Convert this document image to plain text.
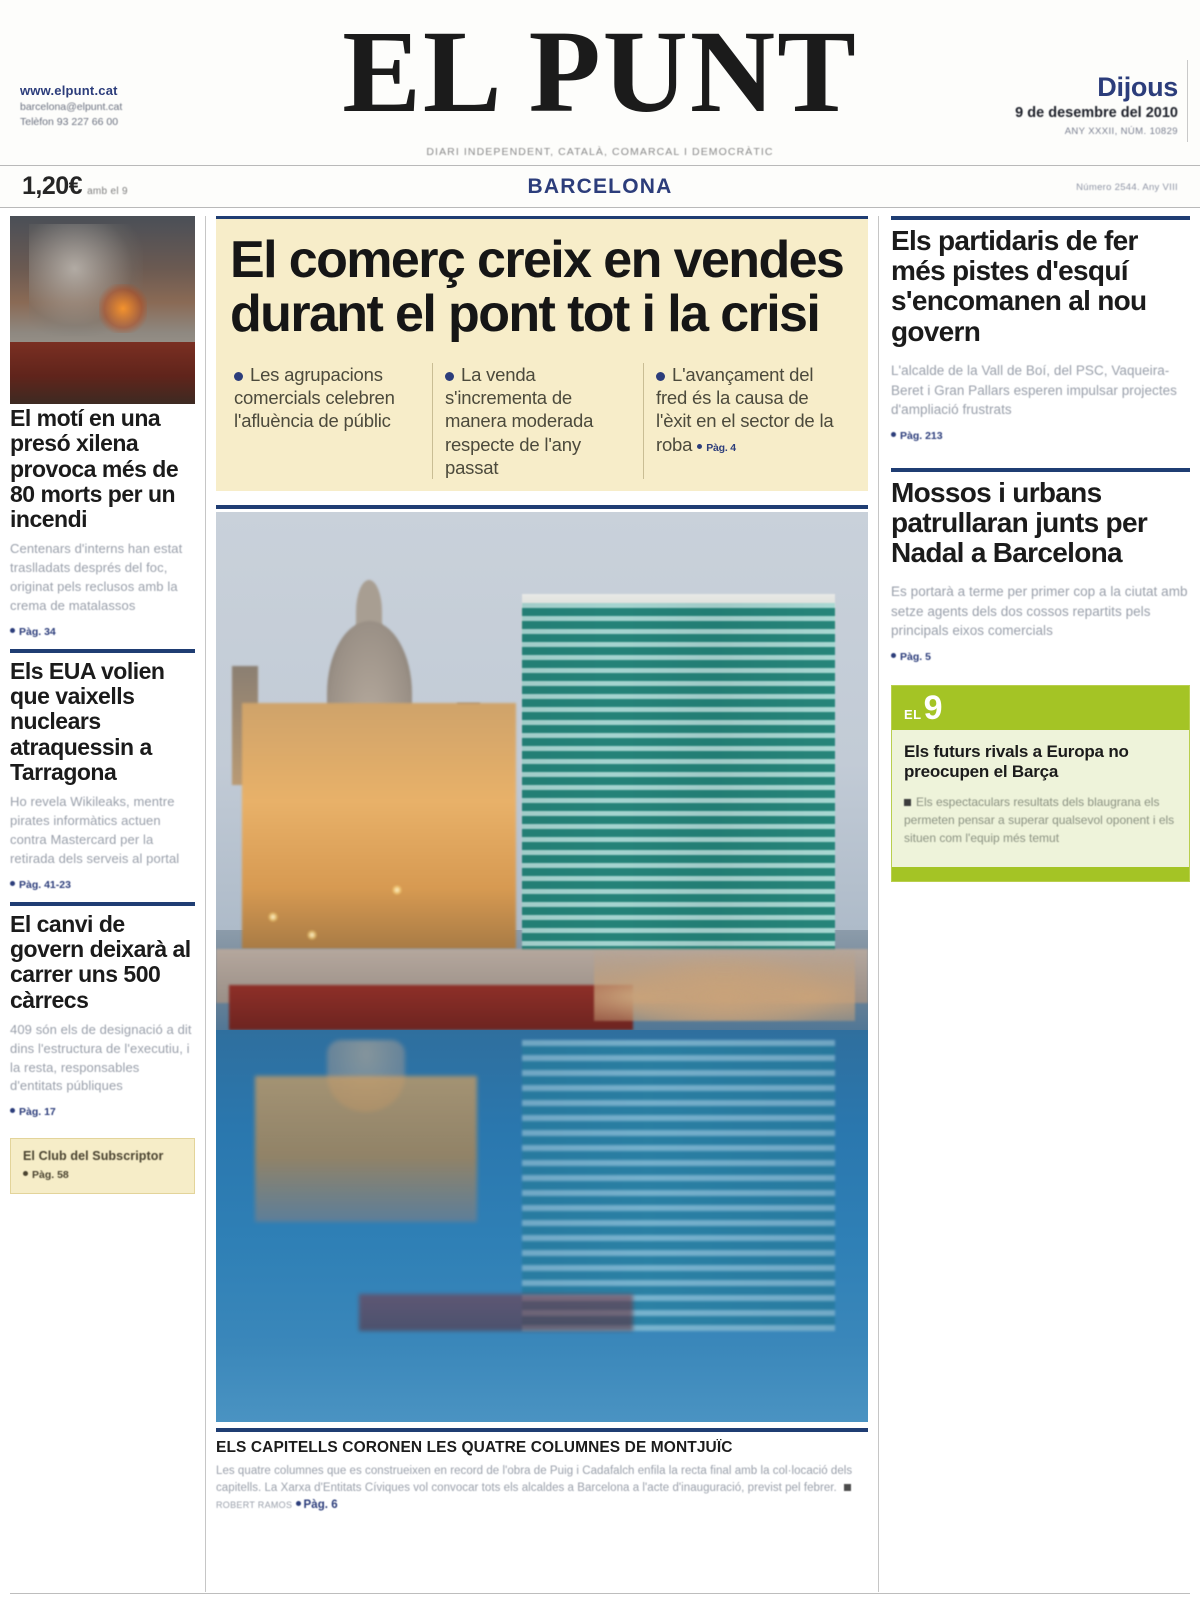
www.elpunt.cat
barcelona@elpunt.cat
Telèfon 93 227 66 00	EL PUNT
DIARI INDEPENDENT, CATALÀ, COMARCAL I DEMOCRÀTIC
Dijous
9 de desembre del 2010
ANY XXXII, NÚM. 10829
1,20€ amb el 9	BARCELONA	Número 2544. Any VIII
El motí en una presó xilena provoca més de 80 morts per un incendi
Centenars d'interns han estat traslladats després del foc, originat pels reclusos amb la crema de matalassos
Pàg. 34
Els EUA volien que vaixells nuclears atraquessin a Tarragona
Ho revela Wikileaks, mentre pirates informàtics actuen contra Mastercard per la retirada dels serveis al portal
Pàg. 41-23
El canvi de govern deixarà al carrer uns 500 càrrecs
409 són els de designació a dit dins l'estructura de l'executiu, i la resta, responsables d'entitats públiques
Pàg. 17
El Club del Subscriptor
Pàg. 58
El comerç creix en vendes durant el pont tot i la crisi
Les agrupacions comercials celebren l'afluència de públic
La venda s'incrementa de manera moderada respecte de l'any passat
L'avançament del fred és la causa de l'èxit en el sector de la roba Pàg. 4
ELS CAPITELLS CORONEN LES QUATRE COLUMNES DE MONTJUÏC
Les quatre columnes que es construeixen en record de l'obra de Puig i Cadafalch enfila la recta final amb la col·locació dels capitells. La Xarxa d'Entitats Cíviques vol convocar tots els alcaldes a Barcelona a l'acte d'inauguració, previst pel febrer. ROBERT RAMOS Pàg. 6
Els partidaris de fer més pistes d'esquí s'encomanen al nou govern
L'alcalde de la Vall de Boí, del PSC, Vaqueira-Beret i Gran Pallars esperen impulsar projectes d'ampliació frustrats
Pàg. 213
Mossos i urbans patrullaran junts per Nadal a Barcelona
Es portarà a terme per primer cop a la ciutat amb setze agents dels dos cossos repartits pels principals eixos comercials
Pàg. 5
EL 9
Els futurs rivals a Europa no preocupen el Barça
Els espectaculars resultats dels blaugrana els permeten pensar a superar qualsevol oponent i els situen com l'equip més temut
